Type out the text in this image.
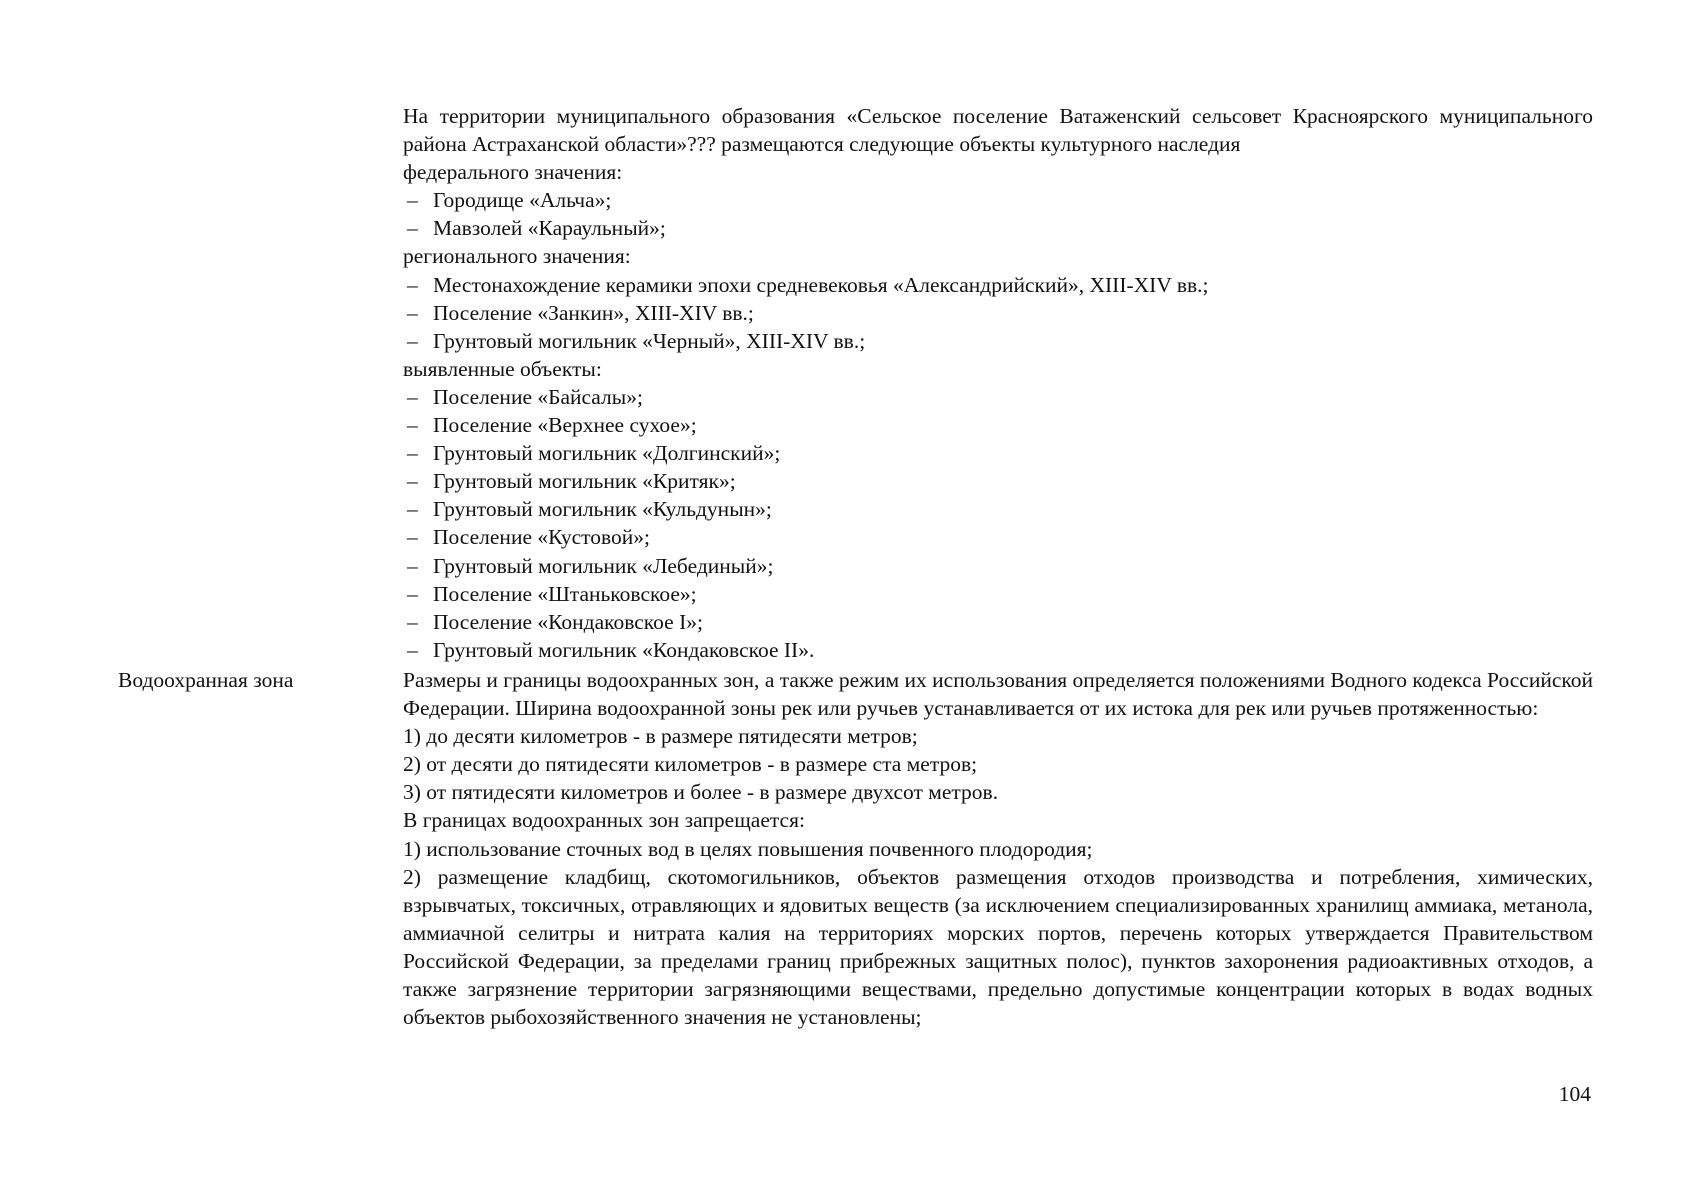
На территории муниципального образования «Сельское поселение Ватаженский сельсовет Красноярского муниципального района Астраханской области»??? размещаются следующие объекты культурного наследия

федерального значения:

– Городище «Альча»;
– Мавзолей «Караульный»;

регионального значения:

– Местонахождение керамики эпохи средневековья «Александрийский», XIII-XIV вв.;
– Поселение «Занкин», XIII-XIV вв.;
– Грунтовый могильник «Черный», XIII-XIV вв.;

выявленные объекты:

– Поселение «Байсалы»;
– Поселение «Верхнее сухое»;
– Грунтовый могильник «Долгинский»;
– Грунтовый могильник «Критяк»;
– Грунтовый могильник «Кульдунын»;
– Поселение «Кустовой»;
– Грунтовый могильник «Лебединый»;
– Поселение «Штаньковское»;
– Поселение «Кондаковское I»;
– Грунтовый могильник «Кондаковское II».
Водоохранная зона	Размеры и границы водоохранных зон, а также режим их использования определяется положениями Водного кодекса Российской Федерации. Ширина водоохранной зоны рек или ручьев устанавливается от их истока для рек или ручьев протяженностью:

1) до десяти километров - в размере пятидесяти метров;

2) от десяти до пятидесяти километров - в размере ста метров;

3) от пятидесяти километров и более - в размере двухсот метров.

В границах водоохранных зон запрещается:

1) использование сточных вод в целях повышения почвенного плодородия;

2) размещение кладбищ, скотомогильников, объектов размещения отходов производства и потребления, химических, взрывчатых, токсичных, отравляющих и ядовитых веществ (за исключением специализированных хранилищ аммиака, метанола, аммиачной селитры и нитрата калия на территориях морских портов, перечень которых утверждается Правительством Российской Федерации, за пределами границ прибрежных защитных полос), пунктов захоронения радиоактивных отходов, а также загрязнение территории загрязняющими веществами, предельно допустимые концентрации которых в водах водных объектов рыбохозяйственного значения не установлены;

104
